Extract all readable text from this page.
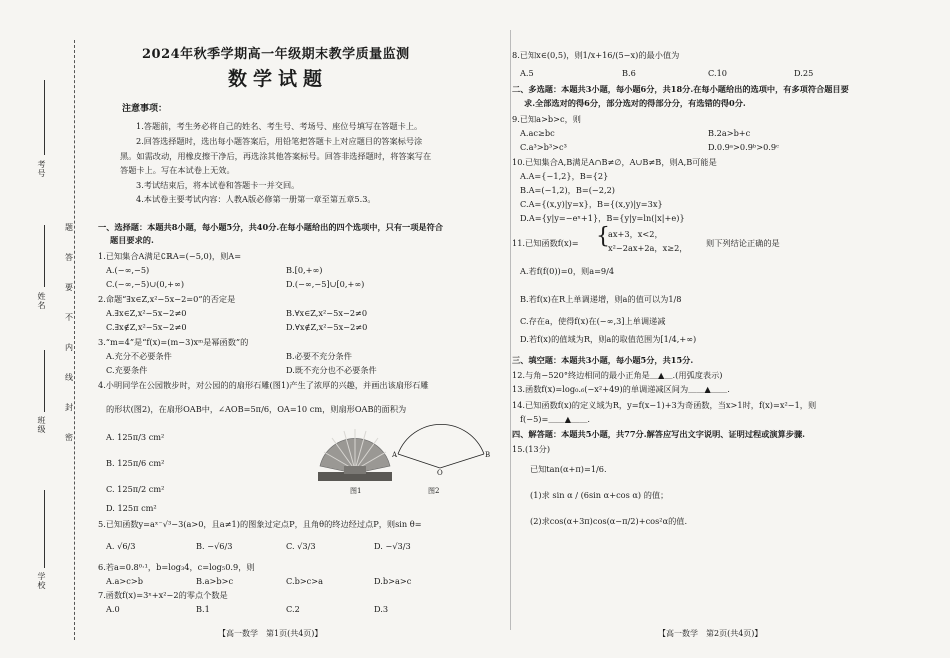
考号
姓名
班级
学校
题
答
要
不
内
线
封
密
2024年秋季学期高一年级期末教学质量监测
数学试题
注意事项：
1.答题前，考生务必将自己的姓名、考生号、考场号、座位号填写在答题卡上。
2.回答选择题时，选出每小题答案后，用铅笔把答题卡上对应题目的答案标号涂
黑。如需改动，用橡皮擦干净后，再选涂其他答案标号。回答非选择题时，将答案写在
答题卡上。写在本试卷上无效。
3.考试结束后，将本试卷和答题卡一并交回。
4.本试卷主要考试内容：人教A版必修第一册第一章至第五章5.3。
一、选择题：本题共8小题，每小题5分，共40分.在每小题给出的四个选项中，只有一项是符合
题目要求的.
1.已知集合A满足∁ℝA=(−5,0)，则A=
A.(−∞,−5)	B.[0,+∞)
C.(−∞,−5)∪(0,+∞)	D.(−∞,−5]∪[0,+∞)
2.命题“∃x∈Z,x²−5x−2=0”的否定是
A.∃x∈Z,x²−5x−2≠0	B.∀x∈Z,x²−5x−2≠0
C.∃x∉Z,x²−5x−2≠0	D.∀x∉Z,x²−5x−2≠0
3.“m=4”是“f(x)=(m−3)xᵐ是幂函数”的
A.充分不必要条件	B.必要不充分条件
C.充要条件	D.既不充分也不必要条件
4.小明同学在公园散步时，对公园的的扇形石雕(图1)产生了浓厚的兴趣，并画出该扇形石雕
的形状(图2)，在扇形OAB中，∠AOB=5π/6，OA=10 cm，则扇形OAB的面积为
A. 125π/3 cm²
B. 125π/6 cm²
C. 125π/2 cm²
D. 125π cm²
图1
A	B
O
图2
5.已知函数y=aˣ⁻√³−3(a>0，且a≠1)的图象过定点P，且角θ的终边经过点P，则sin θ=
A. √6/3	B. −√6/3	C. √3/3	D. −√3/3
6.若a=0.8⁰·¹，b=log₃4，c=log₅0.9，则
A.a>c>b	B.a>b>c	C.b>c>a	D.b>a>c
7.函数f(x)=3ˣ+x²−2的零点个数是
A.0	B.1	C.2	D.3
【高一数学　第1页(共4页)】
8.已知x∈(0,5)，则1/x+16/(5−x)的最小值为
A.5	B.6	C.10	D.25
二、多选题：本题共3小题，每小题6分，共18分.在每小题给出的选项中，有多项符合题目要
求.全部选对的得6分，部分选对的得部分分，有选错的得0分.
9.已知a>b>c，则
A.ac≥bc	B.2a>b+c
C.a³>b³>c³	D.0.9ᵃ>0.9ᵇ>0.9ᶜ
10.已知集合A,B满足A∩B≠∅，A∪B≠B，则A,B可能是
A.A={−1,2}，B={2}
B.A=(−1,2)，B=(−2,2)
C.A={(x,y)|y=x}，B={(x,y)|y=3x}
D.A={y|y=−eˣ+1}，B={y|y=ln(|x|+e)}
11.已知函数f(x)= {
ax+3，x<2，
x²−2ax+2a，x≥2， 则下列结论正确的是
A.若f(f(0))=0，则a=9/4
B.若f(x)在R上单调递增，则a的值可以为1/8
C.存在a，使得f(x)在(−∞,3]上单调递减
D.若f(x)的值域为R，则a的取值范围为[1/4,+∞)
三、填空题：本题共3小题，每小题5分，共15分.
12.与角−520°终边相同的最小正角是＿▲＿.(用弧度表示)
13.函数f(x)=log₀.₆(−x²+49)的单调递减区间为＿＿▲＿＿.
14.已知函数f(x)的定义域为R，y=f(x−1)+3为奇函数，当x>1时，f(x)=x²−1，则
f(−5)=＿＿▲＿＿.
四、解答题：本题共5小题，共77分.解答应写出文字说明、证明过程或演算步骤.
15.(13分)
已知tan(α+π)=1/6.
(1)求 sin α / (6sin α+cos α) 的值；
(2)求cos(α+3π)cos(α−π/2)+cos²α的值.
【高一数学　第2页(共4页)】
